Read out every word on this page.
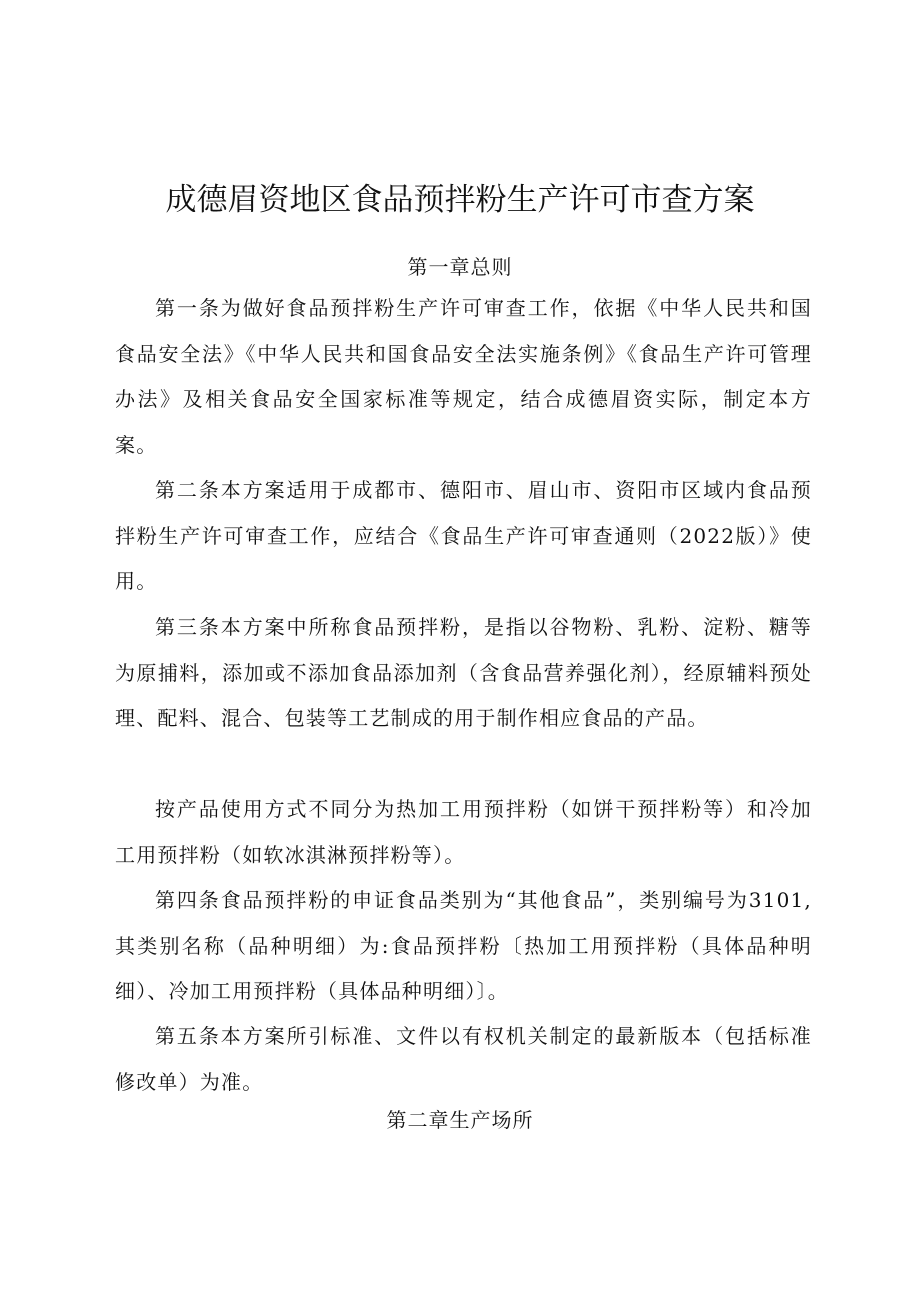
成德眉资地区食品预拌粉生产许可市查方案
第一章总则
第一条为做好食品预拌粉生产许可审查工作，依据《中华人民共和国食品安全法》《中华人民共和国食品安全法实施条例》《食品生产许可管理办法》及相关食品安全国家标准等规定，结合成德眉资实际，制定本方案。
第二条本方案适用于成都市、德阳市、眉山市、资阳市区域内食品预拌粉生产许可审查工作，应结合《食品生产许可审查通则（2022版）》使用。
第三条本方案中所称食品预拌粉，是指以谷物粉、乳粉、淀粉、糖等为原捕料，添加或不添加食品添加剂（含食品营养强化剂），经原辅料预处理、配料、混合、包装等工艺制成的用于制作相应食品的产品。
按产品使用方式不同分为热加工用预拌粉（如饼干预拌粉等）和冷加工用预拌粉（如软冰淇淋预拌粉等）。
第四条食品预拌粉的申证食品类别为“其他食品”，类别编号为3101,其类别名称（品种明细）为:食品预拌粉〔热加工用预拌粉（具体品种明细）、冷加工用预拌粉（具体品种明细）〕。
第五条本方案所引标准、文件以有权机关制定的最新版本（包括标准修改单）为准。
第二章生产场所
